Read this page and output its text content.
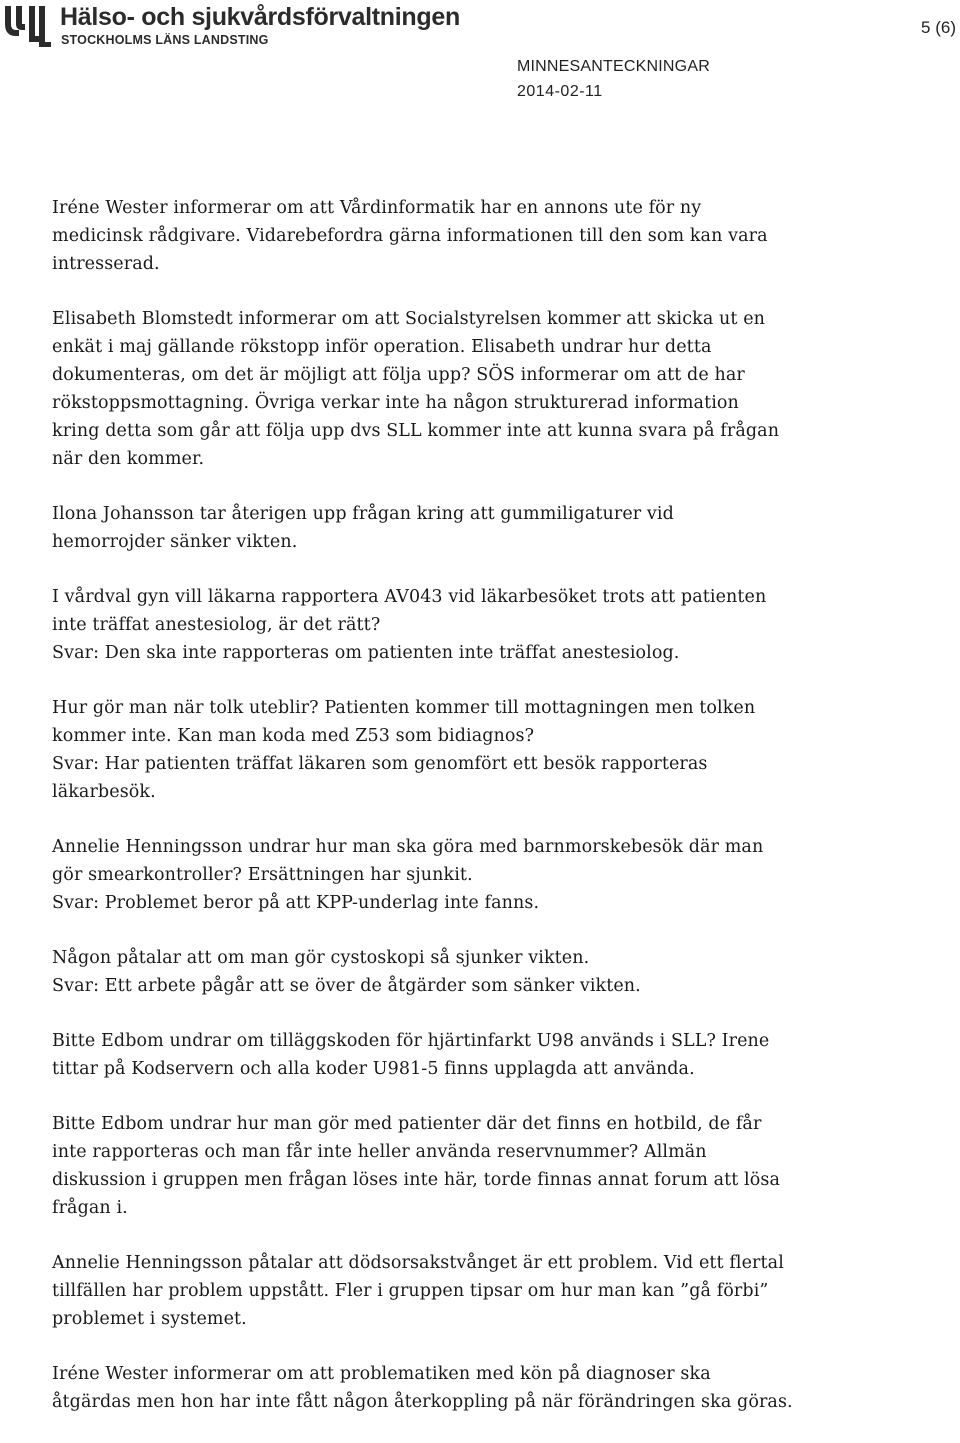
Hälso- och sjukvårdsförvaltningen
STOCKHOLMS LÄNS LANDSTING
5 (6)
MINNESANTECKNINGAR
2014-02-11

Iréne Wester informerar om att Vårdinformatik har en annons ute för ny
medicinsk rådgivare. Vidarebefordra gärna informationen till den som kan vara
intresserad.

Elisabeth Blomstedt informerar om att Socialstyrelsen kommer att skicka ut en
enkät i maj gällande rökstopp inför operation. Elisabeth undrar hur detta
dokumenteras, om det är möjligt att följa upp? SÖS informerar om att de har
rökstoppsmottagning. Övriga verkar inte ha någon strukturerad information
kring detta som går att följa upp dvs SLL kommer inte att kunna svara på frågan
när den kommer.

Ilona Johansson tar återigen upp frågan kring att gummiligaturer vid
hemorrojder sänker vikten.

I vårdval gyn vill läkarna rapportera AV043 vid läkarbesöket trots att patienten
inte träffat anestesiolog, är det rätt?
Svar: Den ska inte rapporteras om patienten inte träffat anestesiolog.

Hur gör man när tolk uteblir? Patienten kommer till mottagningen men tolken
kommer inte. Kan man koda med Z53 som bidiagnos?
Svar: Har patienten träffat läkaren som genomfört ett besök rapporteras
läkarbesök.

Annelie Henningsson undrar hur man ska göra med barnmorskebesök där man
gör smearkontroller? Ersättningen har sjunkit.
Svar: Problemet beror på att KPP-underlag inte fanns.

Någon påtalar att om man gör cystoskopi så sjunker vikten.
Svar: Ett arbete pågår att se över de åtgärder som sänker vikten.

Bitte Edbom undrar om tilläggskoden för hjärtinfarkt U98 används i SLL? Irene
tittar på Kodservern och alla koder U981-5 finns upplagda att använda.

Bitte Edbom undrar hur man gör med patienter där det finns en hotbild, de får
inte rapporteras och man får inte heller använda reservnummer? Allmän
diskussion i gruppen men frågan löses inte här, torde finnas annat forum att lösa
frågan i.

Annelie Henningsson påtalar att dödsorsakstvånget är ett problem. Vid ett flertal
tillfällen har problem uppstått. Fler i gruppen tipsar om hur man kan ”gå förbi”
problemet i systemet.

Iréne Wester informerar om att problematiken med kön på diagnoser ska
åtgärdas men hon har inte fått någon återkoppling på när förändringen ska göras.
